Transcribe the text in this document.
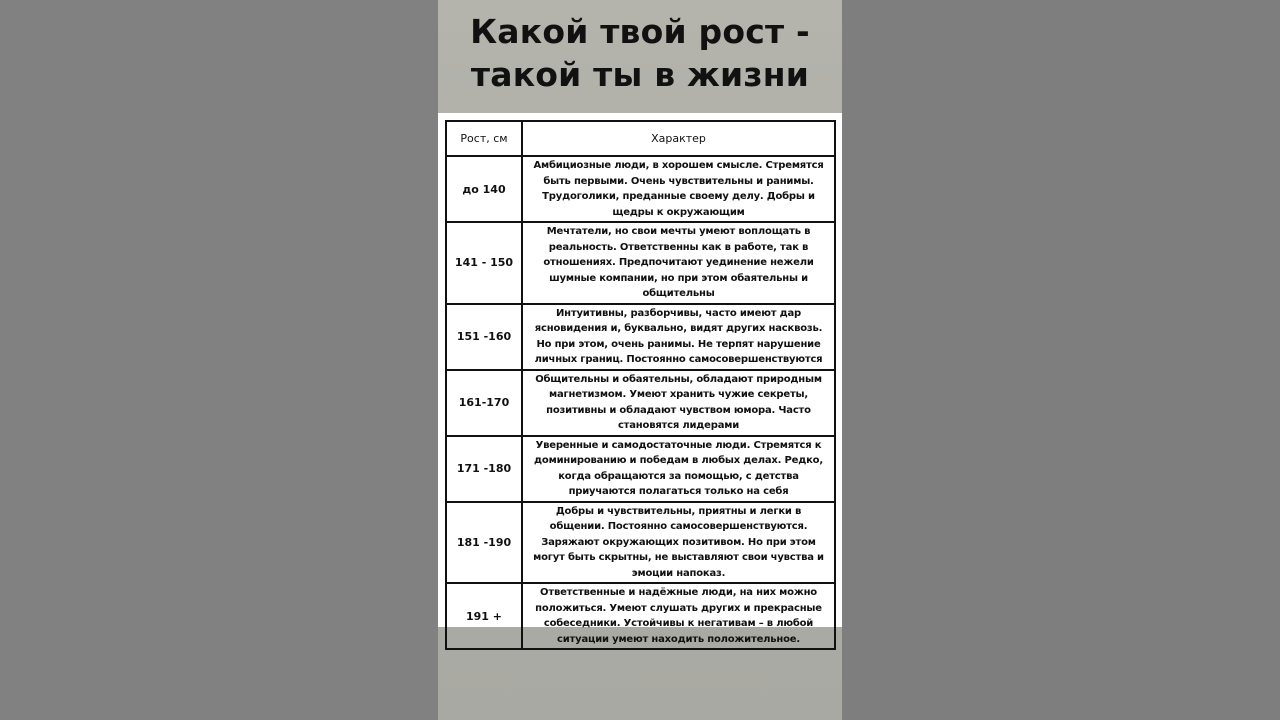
Какой твой рост -
такой ты в жизни
Рост, см	Характер
до 140	Амбициозные люди, в хорошем смысле. Стремятся быть первыми. Очень чувствительны и ранимы. Трудоголики, преданные своему делу. Добры и щедры к окружающим
141 - 150	Мечтатели, но свои мечты умеют воплощать в реальность. Ответственны как в работе, так в отношениях. Предпочитают уединение нежели шумные компании, но при этом обаятельны и общительны
151 -160	Интуитивны, разборчивы, часто имеют дар ясновидения и, буквально, видят других насквозь. Но при этом, очень ранимы. Не терпят нарушение личных границ. Постоянно самосовершенствуются
161-170	Общительны и обаятельны, обладают природным магнетизмом. Умеют хранить чужие секреты, позитивны и обладают чувством юмора. Часто становятся лидерами
171 -180	Уверенные и самодостаточные люди. Стремятся к доминированию и победам в любых делах. Редко, когда обращаются за помощью, с детства приучаются полагаться только на себя
181 -190	Добры и чувствительны, приятны и легки в общении. Постоянно самосовершенствуются. Заряжают окружающих позитивом. Но при этом могут быть скрытны, не выставляют свои чувства и эмоции напоказ.
191 +	Ответственные и надёжные люди, на них можно положиться. Умеют слушать других и прекрасные собеседники. Устойчивы к негативам – в любой ситуации умеют находить положительное.
